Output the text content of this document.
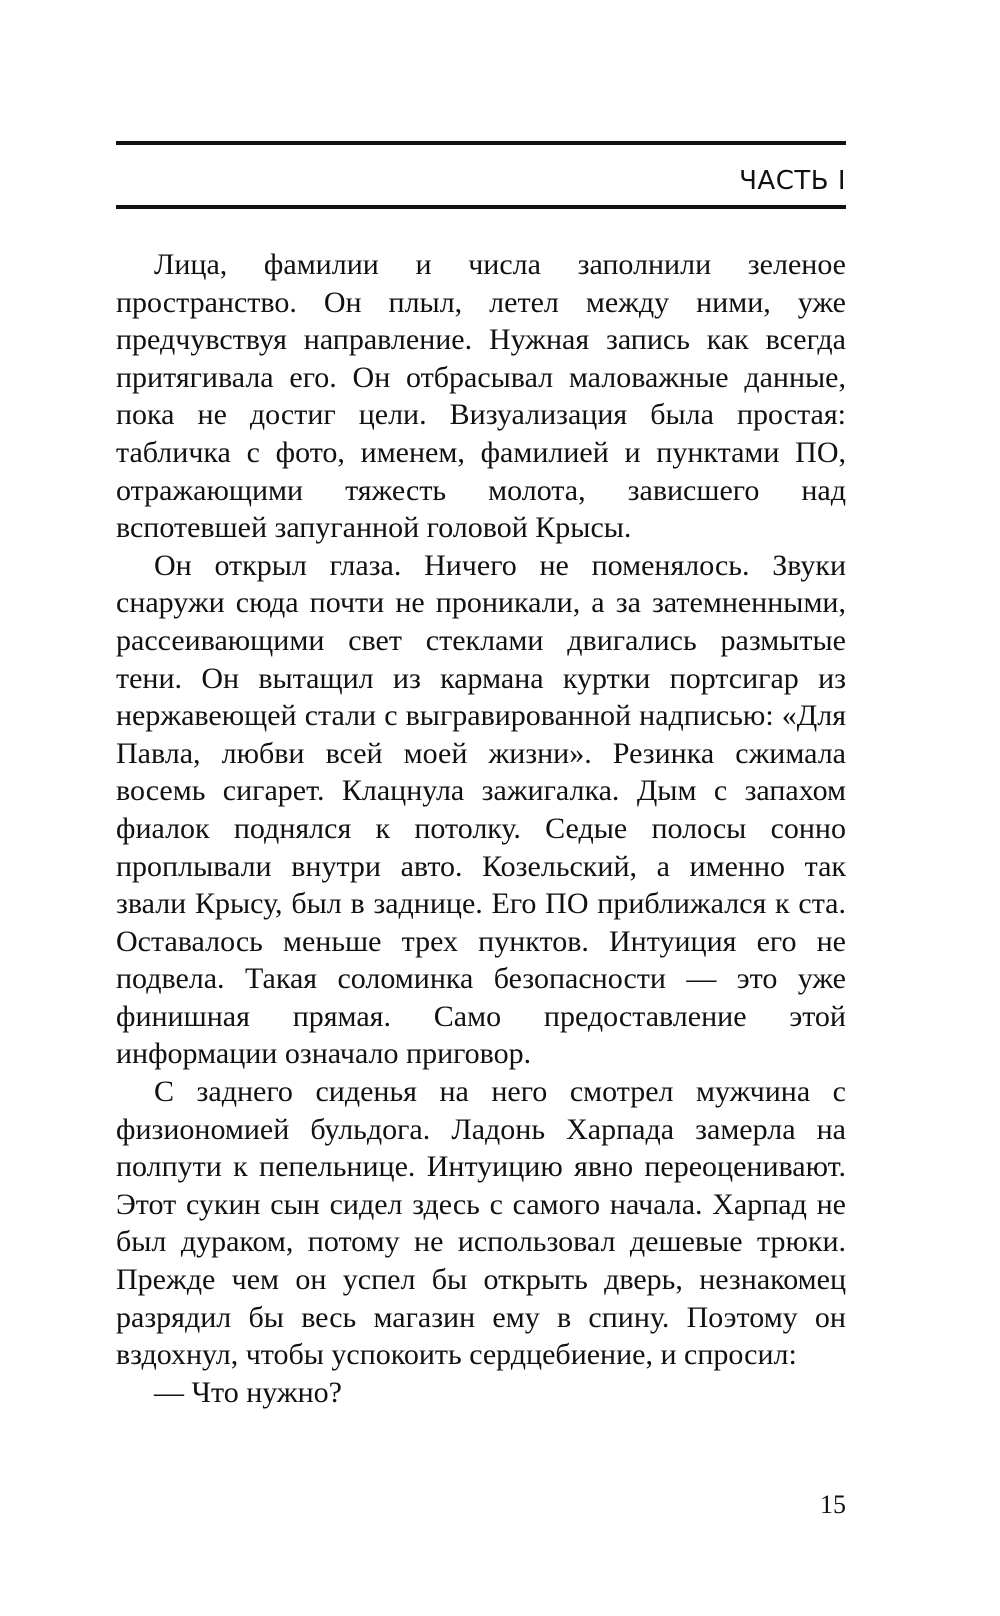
ЧАСТЬ I

Лица, фамилии и числа заполнили зеленое пространство. Он плыл, летел между ними, уже предчувствуя направление. Нужная запись как всегда притягивала его. Он отбрасывал маловажные данные, пока не достиг цели. Визуализация была простая: табличка с фото, именем, фамилией и пунктами ПО, отражающими тяжесть молота, зависшего над вспотевшей запуганной головой Крысы.

Он открыл глаза. Ничего не поменялось. Звуки снаружи сюда почти не проникали, а за затемненными, рассеивающими свет стеклами двигались размытые тени. Он вытащил из кармана куртки портсигар из нержавеющей стали с выгравированной надписью: «Для Павла, любви всей моей жизни». Резинка сжимала восемь сигарет. Клацнула зажигалка. Дым с запахом фиалок поднялся к потолку. Седые полосы сонно проплывали внутри авто. Козельский, а именно так звали Крысу, был в заднице. Его ПО приближался к ста. Оставалось меньше трех пунктов. Интуиция его не подвела. Такая соломинка безопасности — это уже финишная прямая. Само предоставление этой информации означало приговор.

С заднего сиденья на него смотрел мужчина с физиономией бульдога. Ладонь Харпада замерла на полпути к пепельнице. Интуицию явно переоценивают. Этот сукин сын сидел здесь с самого начала. Харпад не был дураком, потому не использовал дешевые трюки. Прежде чем он успел бы открыть дверь, незнакомец разрядил бы весь магазин ему в спину. Поэтому он вздохнул, чтобы успокоить сердцебиение, и спросил:

— Что нужно?

15
